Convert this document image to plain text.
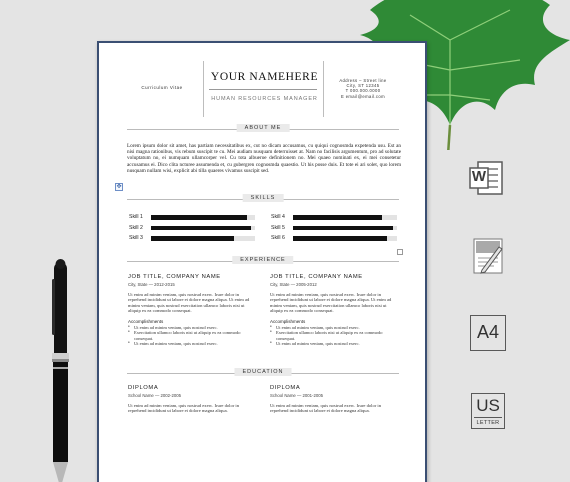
Curriculum Vitae
YOUR NAMEHERE
HUMAN RESOURCES MANAGER
Address – Street line
City, ST 12345
T 000.000.0000
E email@email.com
ABOUT ME
Lorem ipsum dolor sit amet, has partiam necessitatibus ex, cut no dicam accusamus, cu quiqui cognosmda expetenda usu. Est an nisi magna rationibus, vis rebum suscipit te cu. Mei audiam nusquam deterruisset at. Nam no facilisis argumentum, pro ad solutate voluptatum no, ei numquam ullamcorper vel. Cu tota albueroe definitionem no. Mei quaeo nominati ex, ei mei consetetur accusamus ei. Dico clita ncturee assumenda et, cu gubergren cognosmda quaestio. Ut his posse duis. Et tote ei ari solet, quo lorem nusquam nullam wisi, explicit abi tilla quaeres vivamus suscipit sed.
✥
SKILLS
Skill 1
Skill 2
Skill 3
Skill 4
Skill 5
Skill 6
EXPERIENCE
JOB TITLE, COMPANY NAME
City, State — 2012-2015
Ut enim ad minim veniam, quis nostrud exerc. Irure dolor in reprehend incididunt ut labore et dolore magna aliqua. Ut enim ad minim veniam, quis nostrud exercitation ullamco laboris nisi ut aliquip ex ea commodo consequat.
Accomplishments
• Ut enim ad minim veniam, quis nostrud exerc.
• Exercitation ullamco laboris nisi ut aliquip ex ea commodo consequat.
• Ut enim ad minim veniam, quis nostrud exerc.
JOB TITLE, COMPANY NAME
City, State — 2005-2012
Ut enim ad minim veniam, quis nostrud exerc. Irure dolor in reprehend incididunt ut labore et dolore magna aliqua. Ut enim ad minim veniam, quis nostrud exercitation ullamco laboris nisi ut aliquip ex ea commodo consequat.
Accomplishments
• Ut enim ad minim veniam, quis nostrud exerc.
• Exercitation ullamco laboris nisi ut aliquip ex ea commodo consequat.
• Ut enim ad minim veniam, quis nostrud exerc.
EDUCATION
DIPLOMA
School Name — 2002-2005
Ut enim ad minim veniam, quis nostrud exerc. Irure dolor in reprehend incididunt ut labore et dolore magna aliqua.
DIPLOMA
School Name — 2001-2005
Ut enim ad minim veniam, quis nostrud exerc. Irure dolor in reprehend incididunt ut labore et dolore magna aliqua.
W
A4
US
LETTER
